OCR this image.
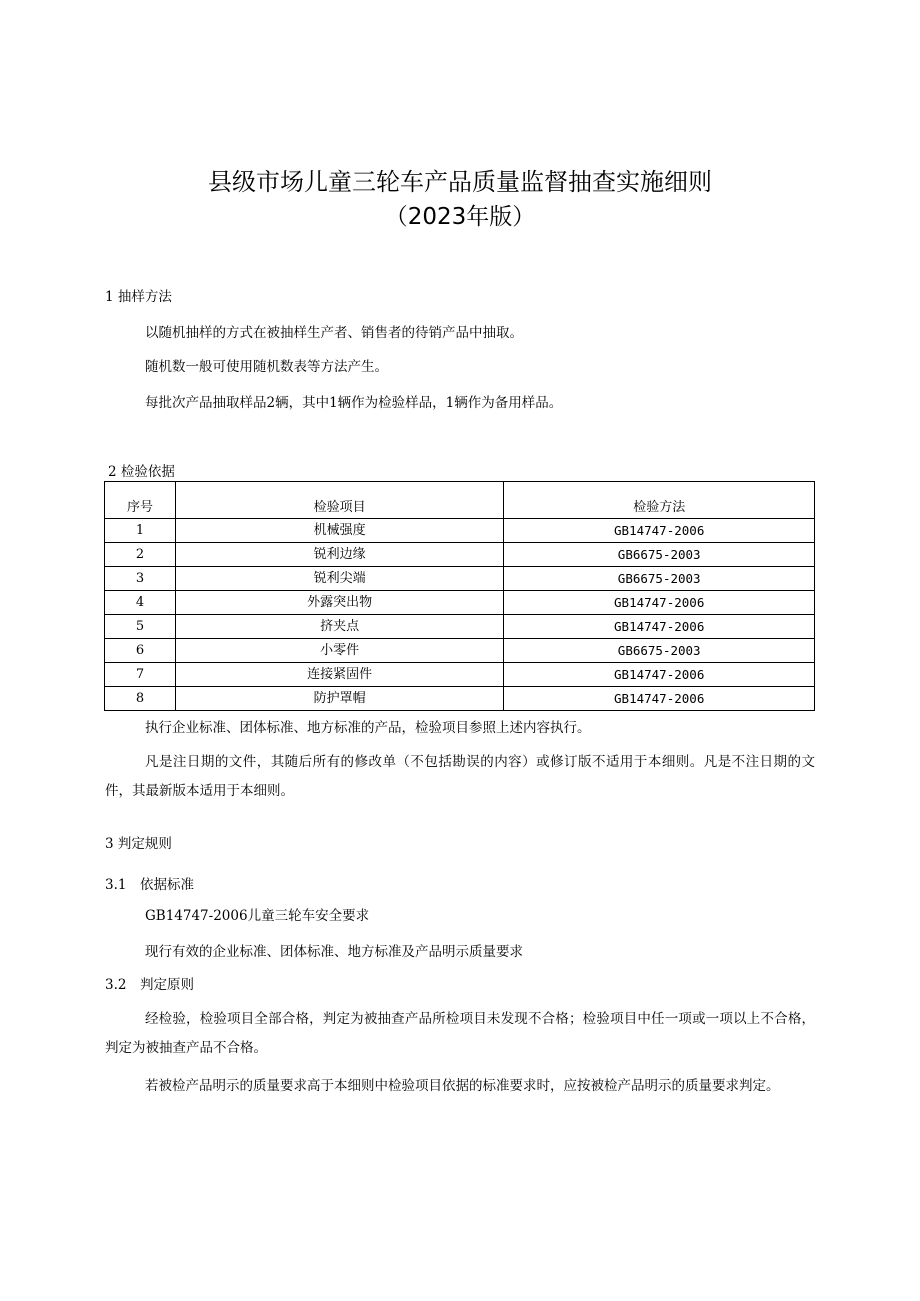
县级市场儿童三轮车产品质量监督抽查实施细则
（2023年版）
1 抽样方法
以随机抽样的方式在被抽样生产者、销售者的待销产品中抽取。
随机数一般可使用随机数表等方法产生。
每批次产品抽取样品2辆，其中1辆作为检验样品，1辆作为备用样品。
2 检验依据
序号	检验项目	检验方法
1	机械强度	GB14747-2006
2	锐利边缘	GB6675-2003
3	锐利尖端	GB6675-2003
4	外露突出物	GB14747-2006
5	挤夹点	GB14747-2006
6	小零件	GB6675-2003
7	连接紧固件	GB14747-2006
8	防护罩帽	GB14747-2006
执行企业标准、团体标准、地方标准的产品，检验项目参照上述内容执行。
凡是注日期的文件，其随后所有的修改单（不包括勘误的内容）或修订版不适用于本细则。凡是不注日期的文件，其最新版本适用于本细则。
3 判定规则
3.1　依据标准
GB14747-2006儿童三轮车安全要求
现行有效的企业标准、团体标准、地方标准及产品明示质量要求
3.2　判定原则
经检验，检验项目全部合格，判定为被抽查产品所检项目未发现不合格；检验项目中任一项或一项以上不合格，判定为被抽查产品不合格。
若被检产品明示的质量要求高于本细则中检验项目依据的标准要求时，应按被检产品明示的质量要求判定。
